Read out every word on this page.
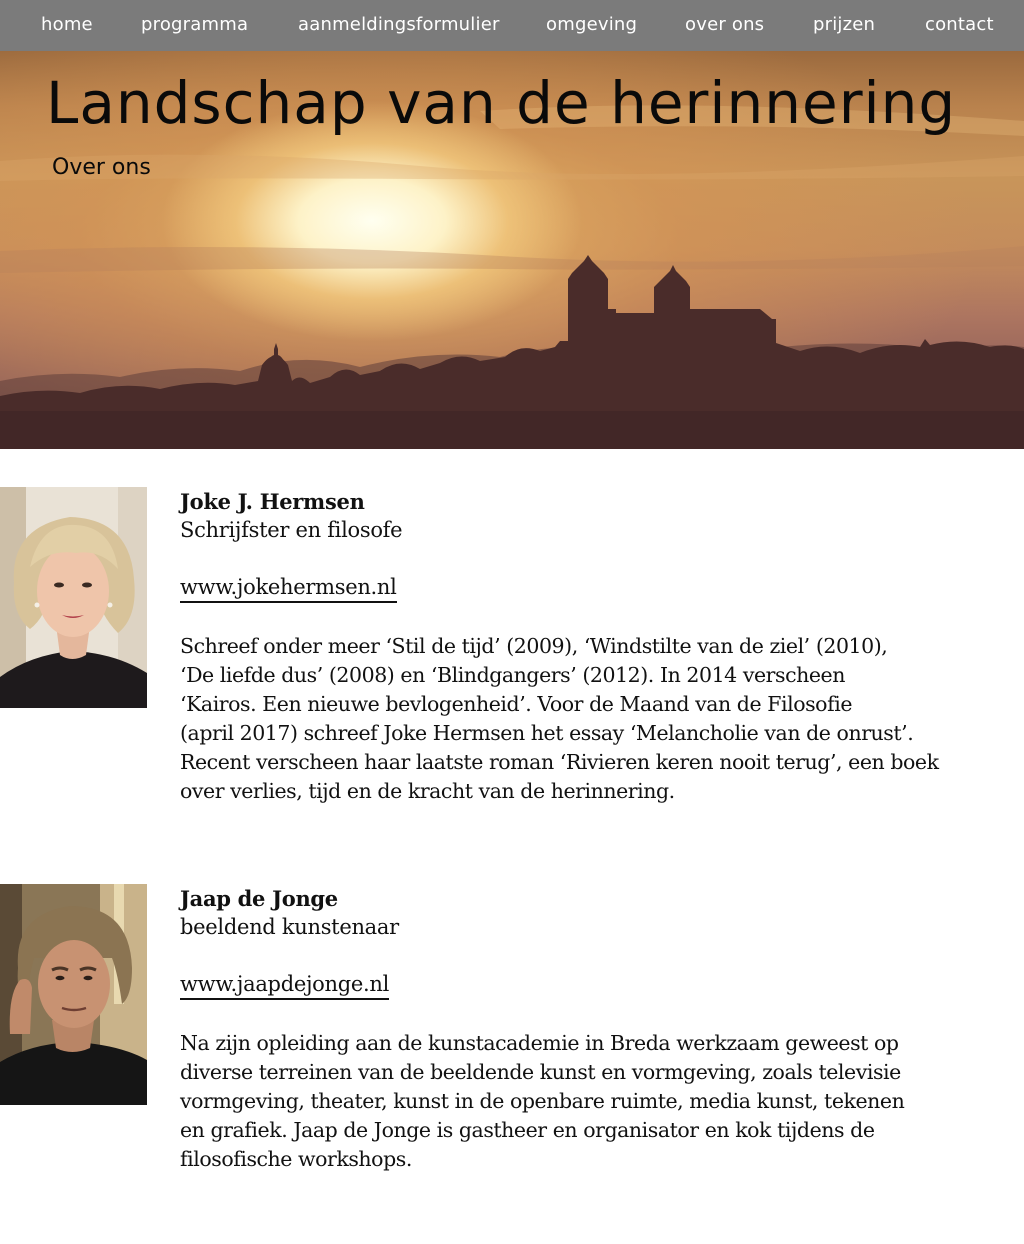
home	programma	aanmeldingsformulier	omgeving	over ons	prijzen	contact
Landschap van de herinnering
Over ons
Joke J. Hermsen
Schrijfster en filosofe
www.jokehermsen.nl
Schreef onder meer ‘Stil de tijd’ (2009), ‘Windstilte van de ziel’ (2010),
‘De liefde dus’ (2008) en ‘Blindgangers’ (2012). In 2014 verscheen
‘Kairos. Een nieuwe bevlogenheid’. Voor de Maand van de Filosofie
(april 2017) schreef Joke Hermsen het essay ‘Melancholie van de onrust’.
Recent verscheen haar laatste roman ‘Rivieren keren nooit terug’, een boek
over verlies, tijd en de kracht van de herinnering.
Jaap de Jonge
beeldend kunstenaar
www.jaapdejonge.nl
Na zijn opleiding aan de kunstacademie in Breda werkzaam geweest op
diverse terreinen van de beeldende kunst en vormgeving, zoals televisie
vormgeving, theater, kunst in de openbare ruimte, media kunst, tekenen
en grafiek. Jaap de Jonge is gastheer en organisator en kok tijdens de
filosofische workshops.
